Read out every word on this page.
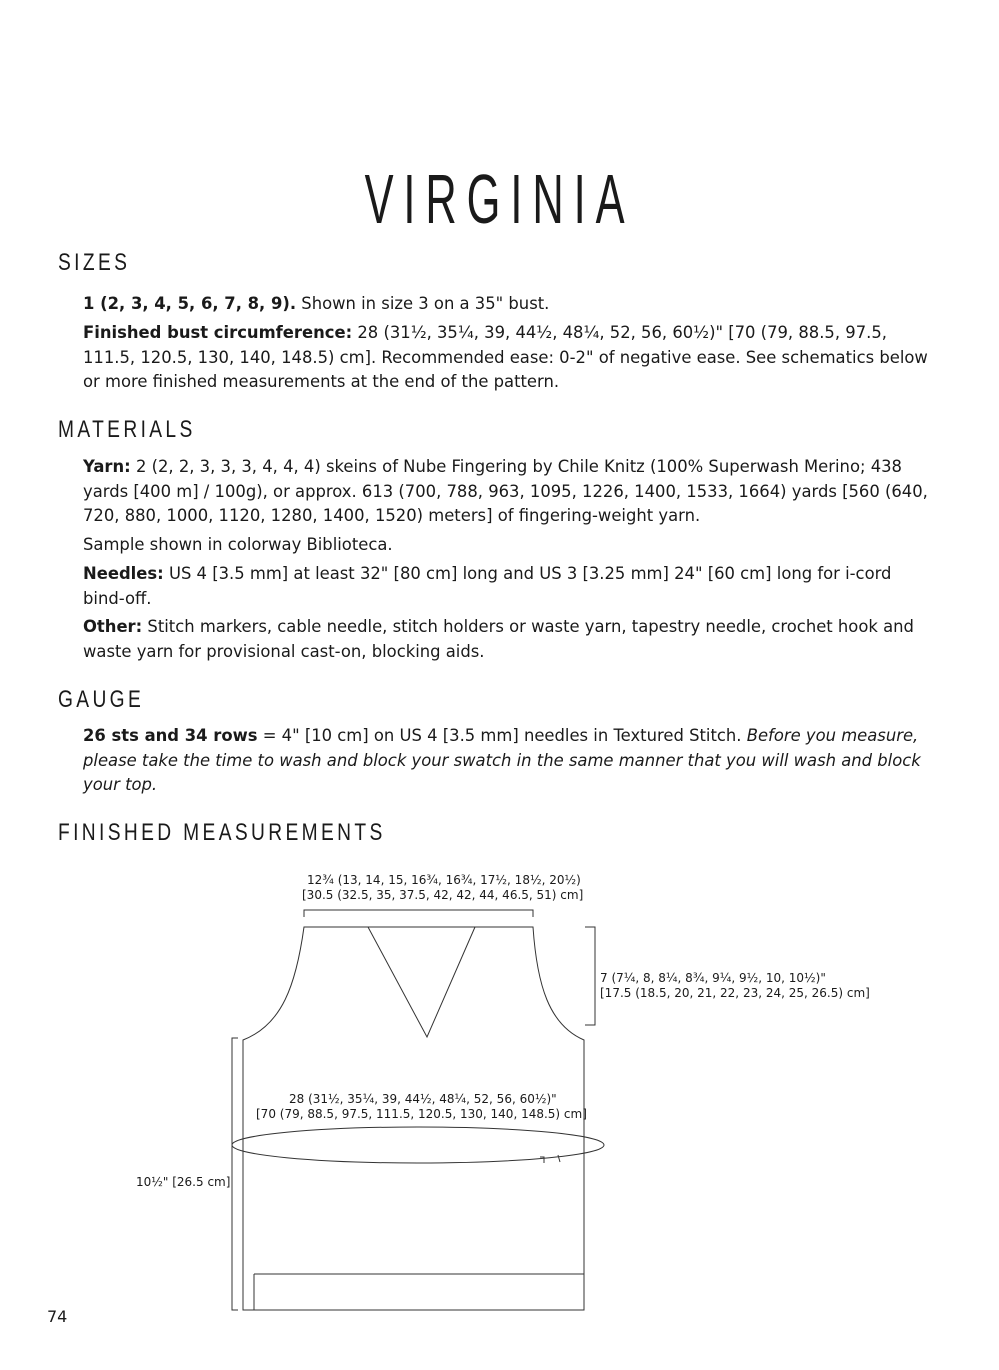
VIRGINIA
SIZES

1 (2, 3, 4, 5, 6, 7, 8, 9). Shown in size 3 on a 35" bust.

Finished bust circumference: 28 (31½, 35¼, 39, 44½, 48¼, 52, 56, 60½)" [70 (79, 88.5, 97.5, 111.5, 120.5, 130, 140, 148.5) cm]. Recommended ease: 0-2" of negative ease. See schematics below or more finished measurements at the end of the pattern.

MATERIALS

Yarn: 2 (2, 2, 3, 3, 3, 4, 4, 4) skeins of Nube Fingering by Chile Knitz (100% Superwash Merino; 438 yards [400 m] / 100g), or approx. 613 (700, 788, 963, 1095, 1226, 1400, 1533, 1664) yards [560 (640, 720, 880, 1000, 1120, 1280, 1400, 1520) meters] of fingering-weight yarn.

Sample shown in colorway Biblioteca.

Needles: US 4 [3.5 mm] at least 32" [80 cm] long and US 3 [3.25 mm] 24" [60 cm] long for i-cord bind-off.

Other: Stitch markers, cable needle, stitch holders or waste yarn, tapestry needle, crochet hook and waste yarn for provisional cast-on, blocking aids.

GAUGE

26 sts and 34 rows = 4" [10 cm] on US 4 [3.5 mm] needles in Textured Stitch. Before you measure, please take the time to wash and block your swatch in the same manner that you will wash and block your top.

FINISHED MEASUREMENTS
12¾ (13, 14, 15, 16¾, 16¾, 17½, 18½, 20½)
[30.5 (32.5, 35, 37.5, 42, 42, 44, 46.5, 51) cm]
7 (7¼, 8, 8¼, 8¾, 9¼, 9½, 10, 10½)"
[17.5 (18.5, 20, 21, 22, 23, 24, 25, 26.5) cm]
28 (31½, 35¼, 39, 44½, 48¼, 52, 56, 60½)"
[70 (79, 88.5, 97.5, 111.5, 120.5, 130, 140, 148.5) cm]
10½" [26.5 cm]
74
